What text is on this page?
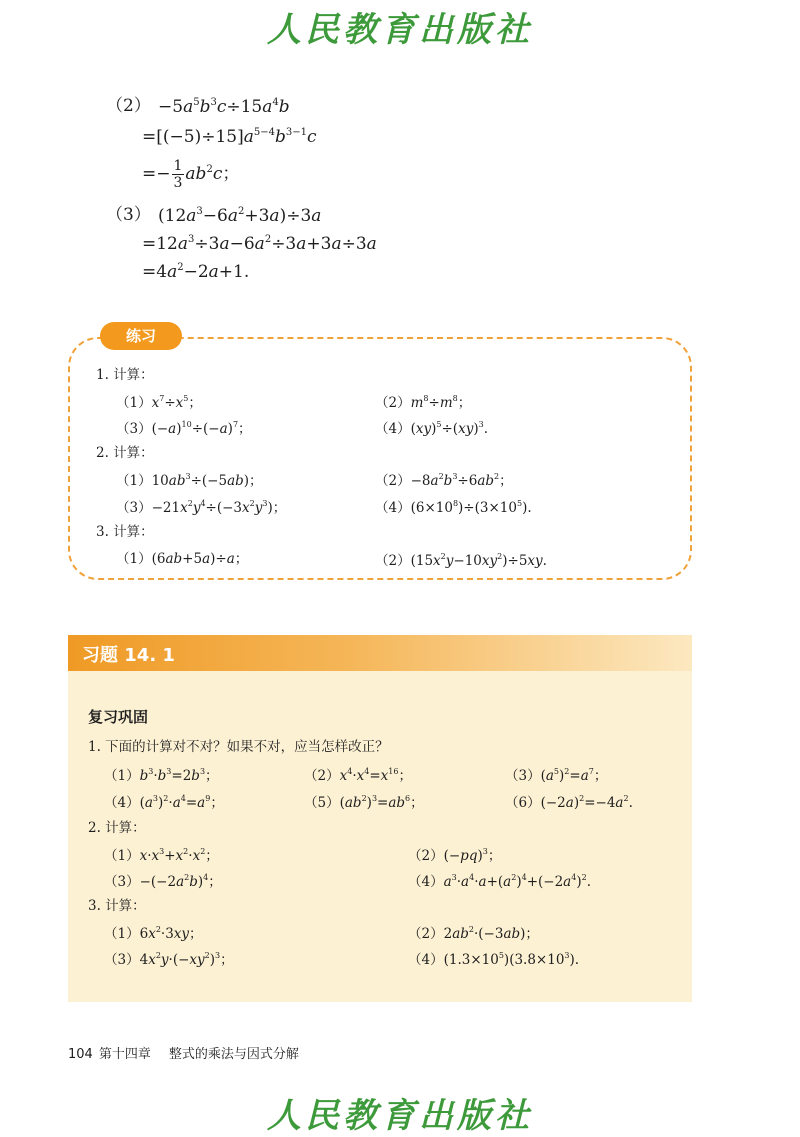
人民教育出版社
$(2) -5a^5b^3c\div 15a^4b$
$=[(-5)\div 15]a^{5-4}b^{3-1}c$
=− $\frac{1}{3} ab^2c$；
（3） $(12a^3-6a^2+3a)\div 3a$
$=12a^3\div 3a-6a^2\div 3a+3a\div 3a$
$=4a^2-2a+1$.
练习
1. 计算：
$(1)x^7\div x^5$；	$(2)m^8\div m^8$；
$(3)(-a)^{10}\div(-a)^7$；	（4）(xy)$^5$÷(xy)$^3$.
2. 计算：
$(1)10ab^3\div(-5ab)$；	$(2)-8a^2b^3\div 6ab^2$；
$(3)-21x^2y^4\div(-3x^2y^3)$；	$(4)(6\times 10^8)\div(3\times 10^5)$.
3. 计算：
（1）(6ab+5a)÷a；	$(2)(15x^2y-10xy^2)\div 5xy$.
习题 14. 1
复习巩固
1. 下面的计算对不对？如果不对，应当怎样改正？
$(1)b^3\cdot b^3=2b^3$；	$(2)x^4\cdot x^4=x^{16}$；	$(3)(a^5)^2=a^7$；
$(4)(a^3)^2\cdot a^4=a^9$；	$(5)(ab^2)^3=ab^6$；	$(6)(-2a)^2=-4a^2$.
2. 计算：
$(1)x\cdot x^3+x^2\cdot x^2$；	$(2)(-pq)^3$；
$(3)-(-2a^2b)^4$；	$(4)a^3\cdot a^4\cdot a+(a^2)^4+(-2a^4)^2$.
3. 计算：
$(1)6x^2\cdot 3xy$；	$(2)2ab^2\cdot(-3ab)$；
$(3)4x^2y\cdot(-xy^2)^3$；	$(4)(1.3\times 10^5)(3.8\times 10^3)$.
104 第十四章 整式的乘法与因式分解
人民教育出版社
